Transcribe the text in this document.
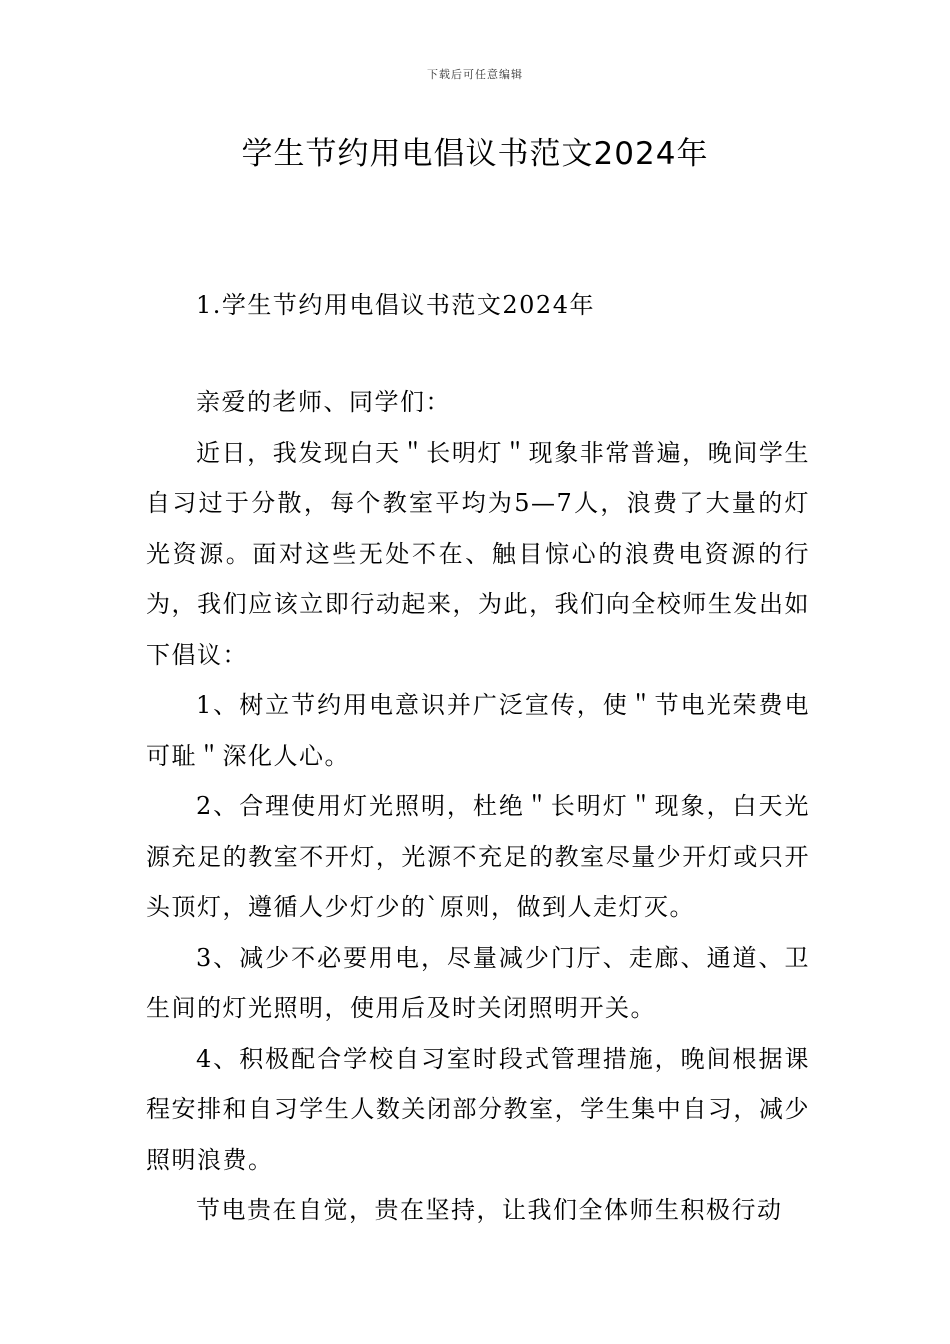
下载后可任意编辑
学生节约用电倡议书范文2024年

1.学生节约用电倡议书范文2024年

亲爱的老师、同学们：

近日，我发现白天＂长明灯＂现象非常普遍，晚间学生自习过于分散，每个教室平均为5—7人，浪费了大量的灯光资源。面对这些无处不在、触目惊心的浪费电资源的行为，我们应该立即行动起来，为此，我们向全校师生发出如下倡议：

1、树立节约用电意识并广泛宣传，使＂节电光荣费电可耻＂深化人心。

2、合理使用灯光照明，杜绝＂长明灯＂现象，白天光源充足的教室不开灯，光源不充足的教室尽量少开灯或只开头顶灯，遵循人少灯少的`原则，做到人走灯灭。

3、减少不必要用电，尽量减少门厅、走廊、通道、卫生间的灯光照明，使用后及时关闭照明开关。

4、积极配合学校自习室时段式管理措施，晚间根据课程安排和自习学生人数关闭部分教室，学生集中自习，减少照明浪费。

节电贵在自觉，贵在坚持，让我们全体师生积极行动
